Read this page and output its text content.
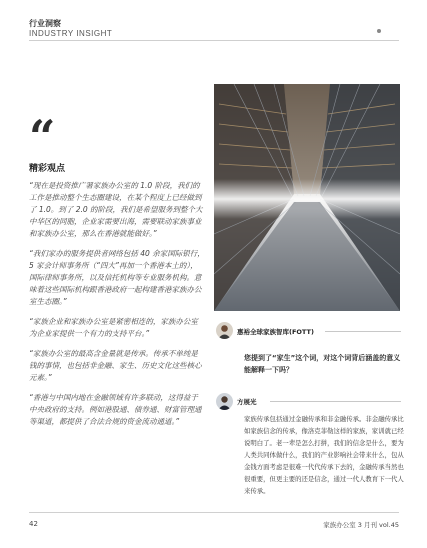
行业洞察
INDUSTRY INSIGHT
“
精彩观点

“现在是投资推广署家族办公室的 1.0 阶段，我们的工作是推动整个生态圈建设，在某个程度上已经做到了 1.0。到了 2.0 的阶段，我们是希望服务到整个大中华区的同胞，企业家需要出海，需要联动家族事业和家族办公室，那么在香港就能做好。”

“我们家办的服务提供者网络包括 40 余家国际银行，5 家会计师事务所（“四大”再加一个香港本土的），国际律师事务所，以及信托机构等专业服务机构。意味着这些国际机构跟香港政府一起构建香港家族办公室生态圈。”

“家族企业和家族办公室是紧密相连的，家族办公室为企业家提供一个有力的支持平台。”

“家族办公室的最高含金量就是传承。传承不单纯是钱的事情，也包括非金融、家生、历史文化这些核心元素。”

“香港与中国内地在金融领域有许多联动，这得益于中央政府的支持。例如港股通、债券通、财富管理通等渠道，都提供了合法合规的资金流动通道。”

惠裕全球家族智库(FOTT)
您提到了“家生”这个词，对这个词背后涵盖的意义能解释一下吗？
方展光
家族传承包括通过金融传承和非金融传承。非金融传承比如家族信念的传承，像洛克菲勒这样的家族，家训就已经说明白了。老一辈是怎么打拼，我们的信念是什么，要为人类共同体做什么，我们的产业影响社会带来什么，包从金钱方面考虑是很难一代代传承下去的，金融传承当然也很重要，但更主要的还是信念，通过一代人教育下一代人来传承。
42	家族办公室 3 月刊 vol.45
